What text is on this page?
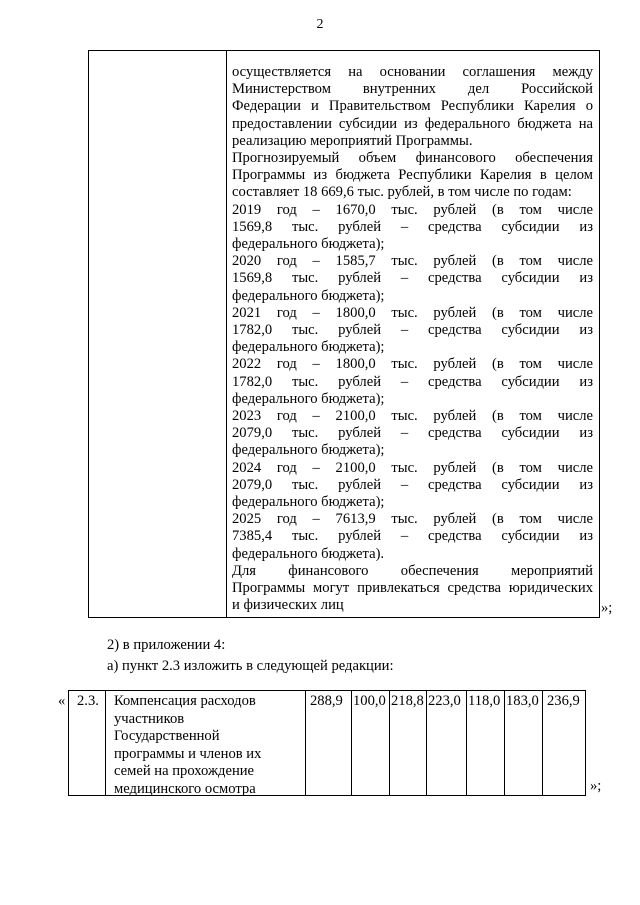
2
осуществляется на основании соглашения между
Министерством внутренних дел Российской
Федерации и Правительством Республики Карелия о
предоставлении субсидии из федерального бюджета на
реализацию мероприятий Программы.
Прогнозируемый объем финансового обеспечения
Программы из бюджета Республики Карелия в целом
составляет 18 669,6 тыс. рублей, в том числе по годам:
2019 год – 1670,0 тыс. рублей (в том числе
1569,8 тыс. рублей – средства субсидии из
федерального бюджета);
2020 год – 1585,7 тыс. рублей (в том числе
1569,8 тыс. рублей – средства субсидии из
федерального бюджета);
2021 год – 1800,0 тыс. рублей (в том числе
1782,0 тыс. рублей – средства субсидии из
федерального бюджета);
2022 год – 1800,0 тыс. рублей (в том числе
1782,0 тыс. рублей – средства субсидии из
федерального бюджета);
2023 год – 2100,0 тыс. рублей (в том числе
2079,0 тыс. рублей – средства субсидии из
федерального бюджета);
2024 год – 2100,0 тыс. рублей (в том числе
2079,0 тыс. рублей – средства субсидии из
федерального бюджета);
2025 год – 7613,9 тыс. рублей (в том числе
7385,4 тыс. рублей – средства субсидии из
федерального бюджета).
Для финансового обеспечения мероприятий
Программы могут привлекаться средства юридических
и физических лиц	»;
2) в приложении 4:
а) пункт 2.3 изложить в следующей редакции:
« 2.3. Компенсация расходов
участников
Государственной
программы и членов их
семей на прохождение
медицинского осмотра
288,9 100,0 218,8 223,0 118,0 183,0 236,9
»;
